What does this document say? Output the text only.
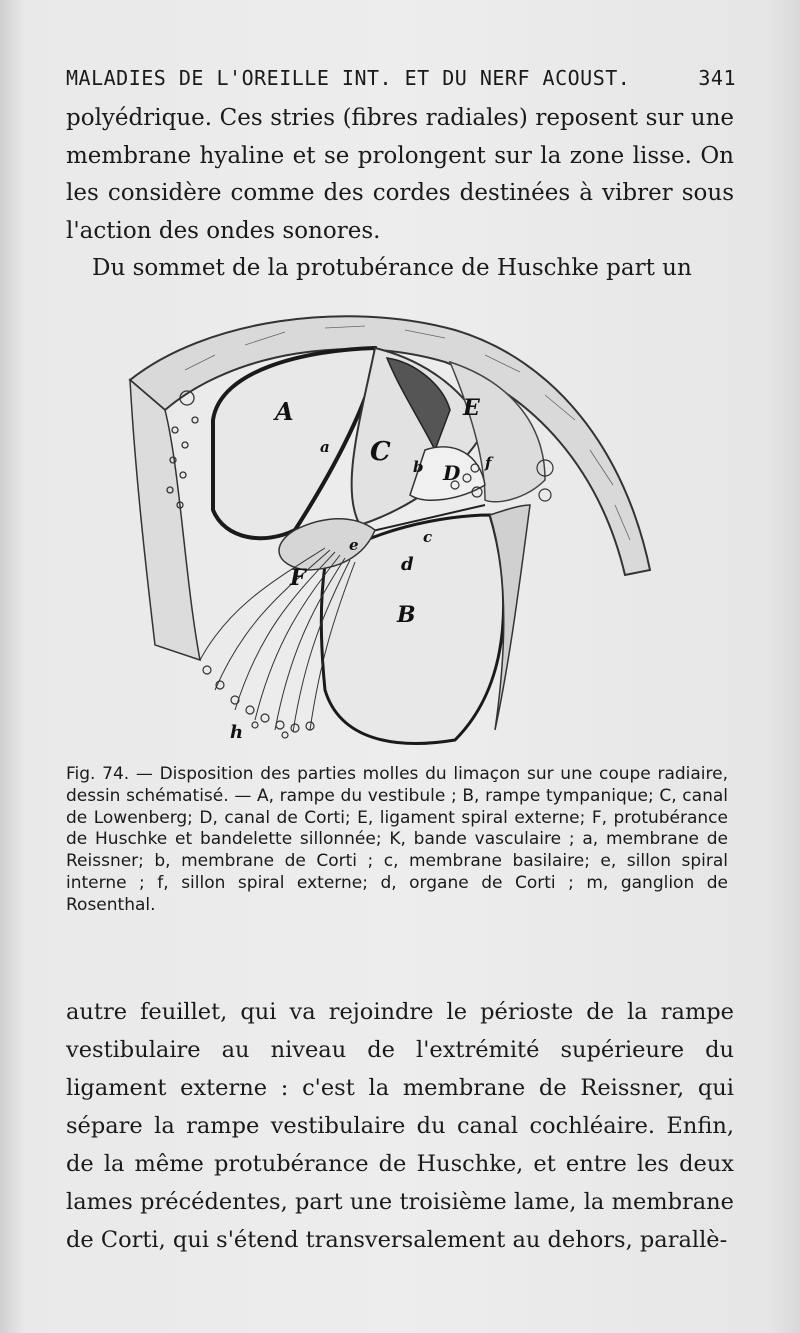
MALADIES DE L'OREILLE INT. ET DU NERF ACOUST.	341

polyédrique. Ces stries (fibres radiales) reposent sur une membrane hyaline et se prolongent sur la zone lisse. On les considère comme des cordes destinées à vibrer sous l'action des ondes sonores.

Du sommet de la protubérance de Huschke part un

A
C
D
E
F
B
a
b
c
d
e
f
h

Fig. 74. — Disposition des parties molles du limaçon sur une coupe radiaire, dessin schématisé. — A, rampe du vestibule ; B, rampe tympanique; C, canal de Lowenberg; D, canal de Corti; E, ligament spiral externe; F, protubérance de Huschke et bandelette sillonnée; K, bande vasculaire ; a, membrane de Reissner; b, membrane de Corti ; c, membrane basilaire; e, sillon spiral interne ; f, sillon spiral externe; d, organe de Corti ; m, ganglion de Rosenthal.

autre feuillet, qui va rejoindre le périoste de la rampe vestibulaire au niveau de l'extrémité supérieure du ligament externe : c'est la membrane de Reissner, qui sépare la rampe vestibulaire du canal cochléaire. Enfin, de la même protubérance de Huschke, et entre les deux lames précédentes, part une troisième lame, la membrane de Corti, qui s'étend transversalement au dehors, parallè-
